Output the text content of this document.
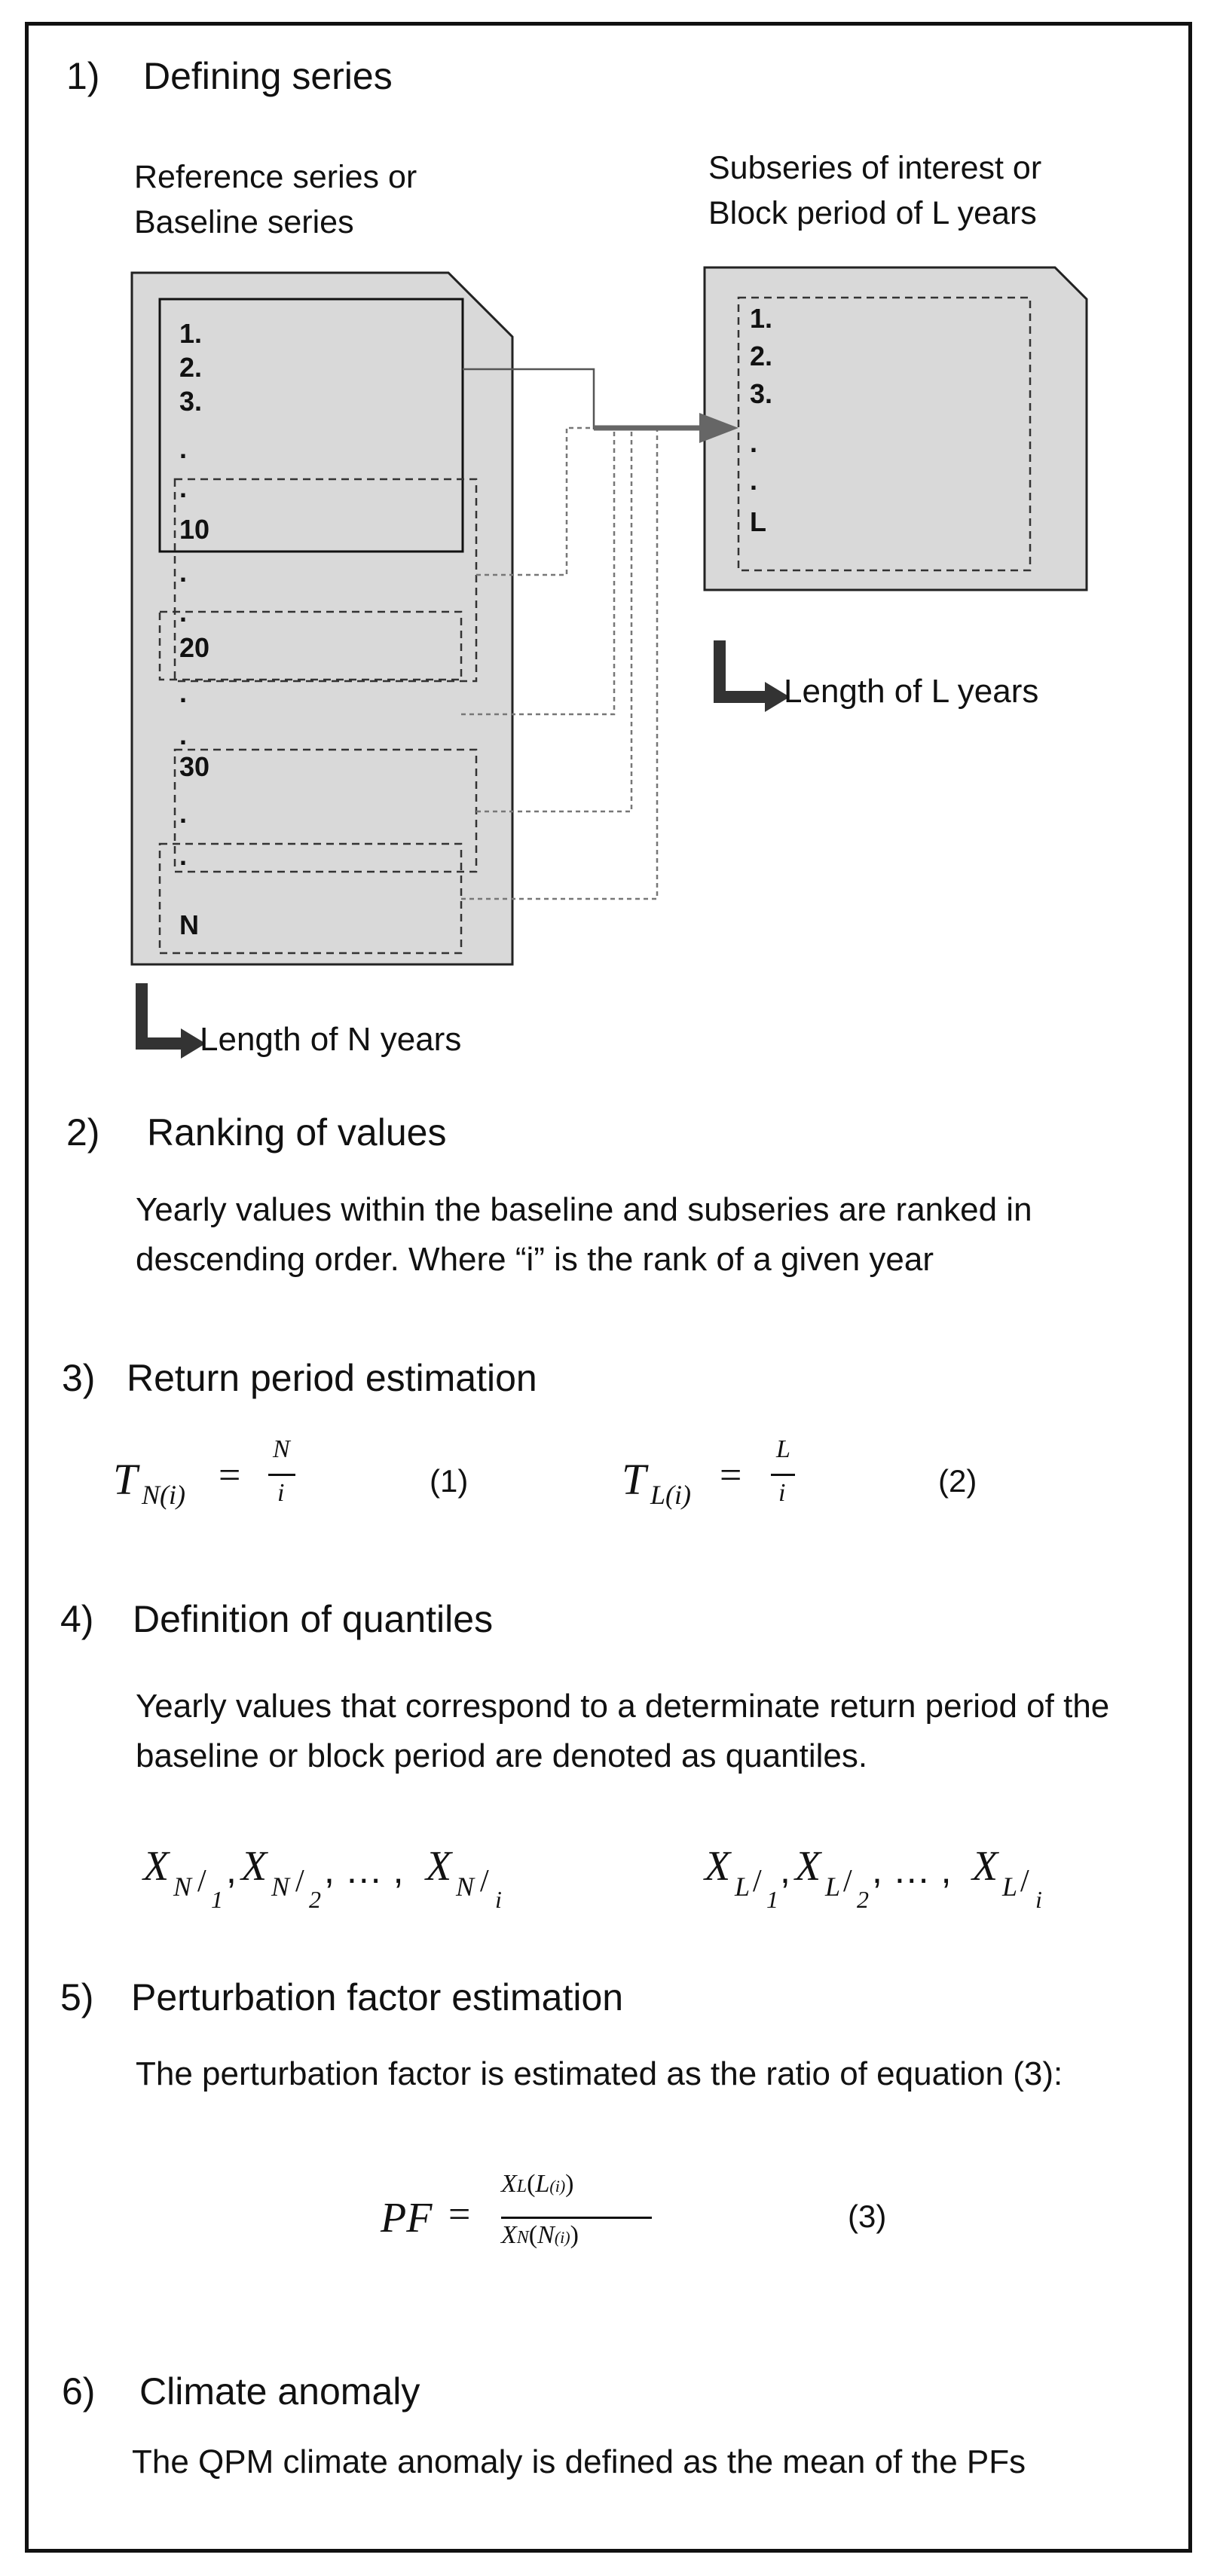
1) Defining series
Reference series or
Baseline series
Subseries of interest or
Block period of L years
1.
2.
3.
.
.
10
.
.
20
.
.
30
.
.
N
1.
2.
3.
.
.
L
Length of L years
Length of N years
2) Ranking of values
Yearly values within the baseline and subseries are ranked in descending order. Where “i” is the rank of a given year
3) Return period estimation
T N(i) =
N
i	(1)	T L(i) =
L
i	(2)
4) Definition of quantiles
Yearly values that correspond to a determinate return period of the baseline or block period are denoted as quantiles.
X N /
1
, X N /
2
, … , X N /
i
X L /
1
, X L /
2
, … , X L /
i
5) Perturbation factor estimation
The perturbation factor is estimated as the ratio of equation (3):
PF =
XL(L(i))
XN(N(i))
(3)
6) Climate anomaly
The QPM climate anomaly is defined as the mean of the PFs
